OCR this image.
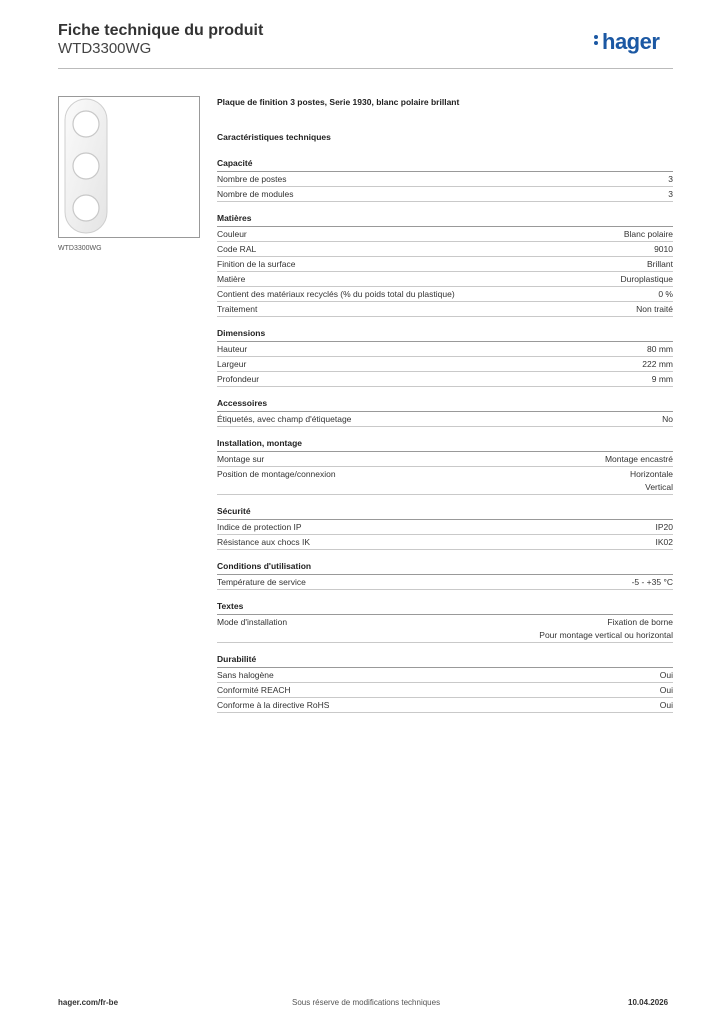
Fiche technique du produit
WTD3300WG	hager
WTD3300WG
Plaque de finition 3 postes, Serie 1930, blanc polaire brillant
Caractéristiques techniques
Capacité
Nombre de postes	3
Nombre de modules	3
Matières
Couleur	Blanc polaire
Code RAL	9010
Finition de la surface	Brillant
Matière	Duroplastique
Contient des matériaux recyclés (% du poids total du plastique)	0 %
Traitement	Non traité
Dimensions
Hauteur	80 mm
Largeur	222 mm
Profondeur	9 mm
Accessoires
Étiquetés, avec champ d'étiquetage	No
Installation, montage
Montage sur	Montage encastré
Position de montage/connexion	Horizontale
Vertical
Sécurité
Indice de protection IP	IP20
Résistance aux chocs IK	IK02
Conditions d'utilisation
Température de service	-5 - +35 °C
Textes
Mode d'installation	Fixation de borne
Pour montage vertical ou horizontal
Durabilité
Sans halogène	Oui
Conformité REACH	Oui
Conforme à la directive RoHS	Oui
hager.com/fr-be	Sous réserve de modifications techniques	10.04.2026
